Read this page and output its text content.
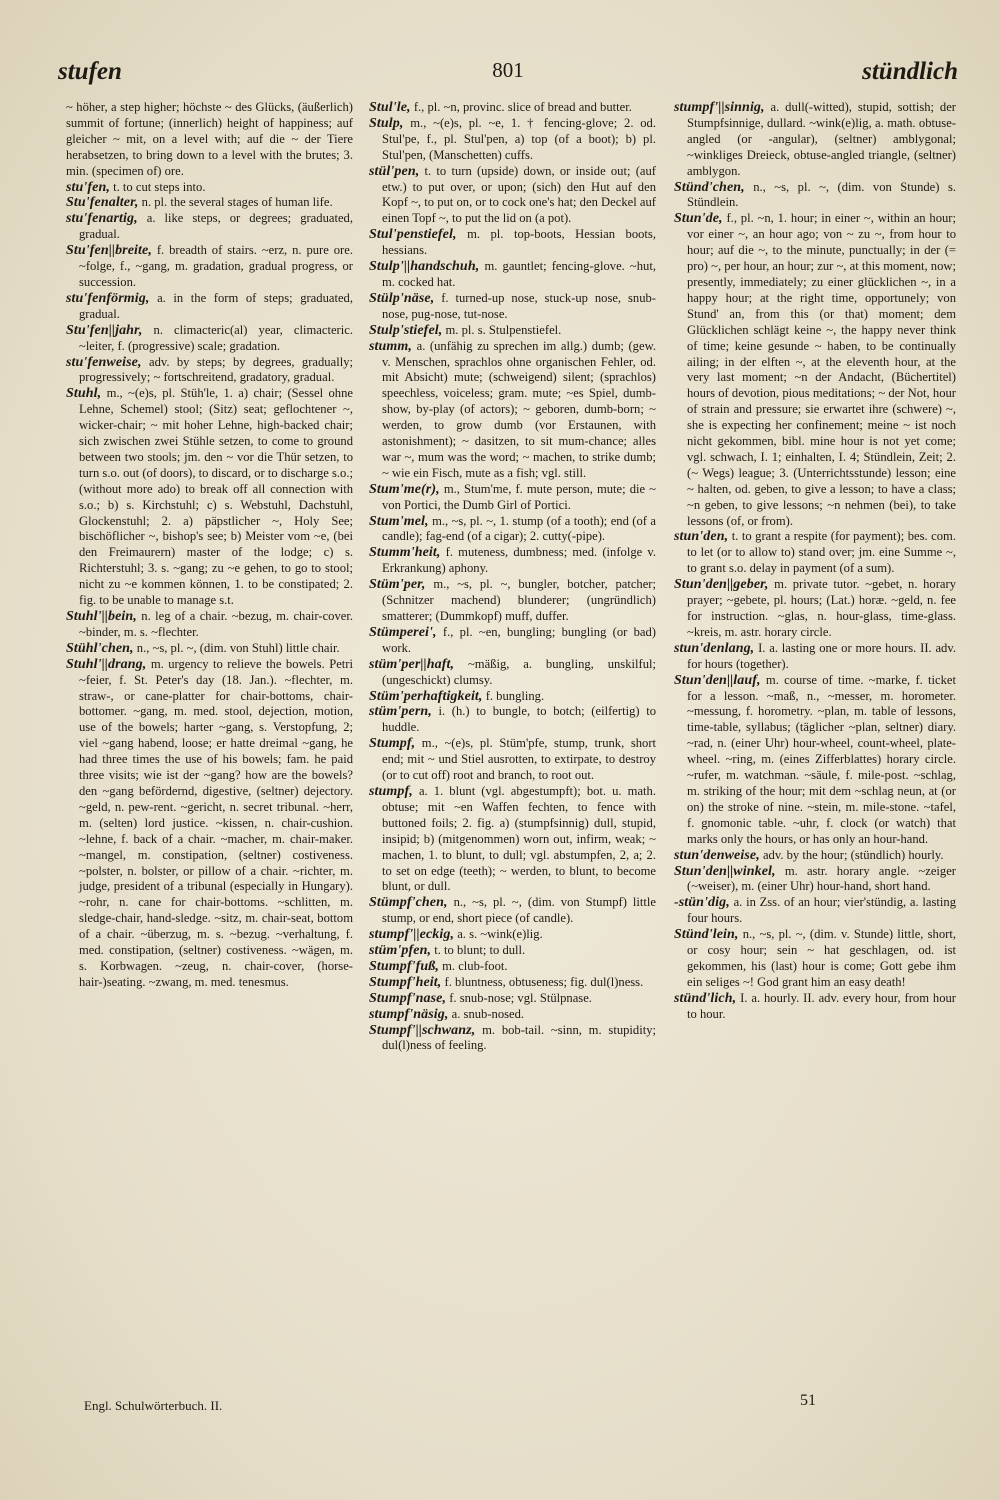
stufen	801	stündlich

~ höher, a step higher; höchste ~ des Glücks, (äußerlich) summit of fortune; (innerlich) height of happiness; auf gleicher ~ mit, on a level with; auf die ~ der Tiere herabsetzen, to bring down to a level with the brutes; 3. min. (specimen of) ore.

stu'fen, t. to cut steps into.

Stu'fenalter, n. pl. the several stages of human life.

stu'fenartig, a. like steps, or degrees; graduated, gradual.

Stu'fen||breite, f. breadth of stairs. ~erz, n. pure ore. ~folge, f., ~gang, m. gradation, gradual progress, or succession.

stu'fenförmig, a. in the form of steps; graduated, gradual.

Stu'fen||jahr, n. climacteric(al) year, climacteric. ~leiter, f. (progressive) scale; gradation.

stu'fenweise, adv. by steps; by degrees, gradually; progressively; ~ fortschreitend, gradatory, gradual.

Stuhl, m., ~(e)s, pl. Stüh'le, 1. a) chair; (Sessel ohne Lehne, Schemel) stool; (Sitz) seat; geflochtener ~, wicker-chair; ~ mit hoher Lehne, high-backed chair; sich zwischen zwei Stühle setzen, to come to ground between two stools; jm. den ~ vor die Thür setzen, to turn s.o. out (of doors), to discard, or to discharge s.o.; (without more ado) to break off all connection with s.o.; b) s. Kirchstuhl; c) s. Webstuhl, Dachstuhl, Glockenstuhl; 2. a) päpstlicher ~, Holy See; bischöflicher ~, bishop's see; b) Meister vom ~e, (bei den Freimaurern) master of the lodge; c) s. Richterstuhl; 3. s. ~gang; zu ~e gehen, to go to stool; nicht zu ~e kommen können, 1. to be constipated; 2. fig. to be unable to manage s.t.

Stuhl'||bein, n. leg of a chair. ~bezug, m. chair-cover. ~binder, m. s. ~flechter.

Stühl'chen, n., ~s, pl. ~, (dim. von Stuhl) little chair.

Stuhl'||drang, m. urgency to relieve the bowels. Petri ~feier, f. St. Peter's day (18. Jan.). ~flechter, m. straw-, or cane-platter for chair-bottoms, chair-bottomer. ~gang, m. med. stool, dejection, motion, use of the bowels; harter ~gang, s. Verstopfung, 2; viel ~gang habend, loose; er hatte dreimal ~gang, he had three times the use of his bowels; fam. he paid three visits; wie ist der ~gang? how are the bowels? den ~gang befördernd, digestive, (seltner) dejectory. ~geld, n. pew-rent. ~gericht, n. secret tribunal. ~herr, m. (selten) lord justice. ~kissen, n. chair-cushion. ~lehne, f. back of a chair. ~macher, m. chair-maker. ~mangel, m. constipation, (seltner) costiveness. ~polster, n. bolster, or pillow of a chair. ~richter, m. judge, president of a tribunal (especially in Hungary). ~rohr, n. cane for chair-bottoms. ~schlitten, m. sledge-chair, hand-sledge. ~sitz, m. chair-seat, bottom of a chair. ~überzug, m. s. ~bezug. ~verhaltung, f. med. constipation, (seltner) costiveness. ~wägen, m. s. Korbwagen. ~zeug, n. chair-cover, (horse-hair-)seating. ~zwang, m. med. tenesmus.

Stul'le, f., pl. ~n, provinc. slice of bread and butter.

Stulp, m., ~(e)s, pl. ~e, 1. † fencing-glove; 2. od. Stul'pe, f., pl. Stul'pen, a) top (of a boot); b) pl. Stul'pen, (Manschetten) cuffs.

stül'pen, t. to turn (upside) down, or inside out; (auf etw.) to put over, or upon; (sich) den Hut auf den Kopf ~, to put on, or to cock one's hat; den Deckel auf einen Topf ~, to put the lid on (a pot).

Stul'penstiefel, m. pl. top-boots, Hessian boots, hessians.

Stulp'||handschuh, m. gauntlet; fencing-glove. ~hut, m. cocked hat.

Stülp'näse, f. turned-up nose, stuck-up nose, snub-nose, pug-nose, tut-nose.

Stulp'stiefel, m. pl. s. Stulpenstiefel.

stumm, a. (unfähig zu sprechen im allg.) dumb; (gew. v. Menschen, sprachlos ohne organischen Fehler, od. mit Absicht) mute; (schweigend) silent; (sprachlos) speechless, voiceless; gram. mute; ~es Spiel, dumb-show, by-play (of actors); ~ geboren, dumb-born; ~ werden, to grow dumb (vor Erstaunen, with astonishment); ~ dasitzen, to sit mum-chance; alles war ~, mum was the word; ~ machen, to strike dumb; ~ wie ein Fisch, mute as a fish; vgl. still.

Stum'me(r), m., Stum'me, f. mute person, mute; die ~ von Portici, the Dumb Girl of Portici.

Stum'mel, m., ~s, pl. ~, 1. stump (of a tooth); end (of a candle); fag-end (of a cigar); 2. cutty(-pipe).

Stumm'heit, f. muteness, dumbness; med. (infolge v. Erkrankung) aphony.

Stüm'per, m., ~s, pl. ~, bungler, botcher, patcher; (Schnitzer machend) blunderer; (ungründlich) smatterer; (Dummkopf) muff, duffer.

Stümperei', f., pl. ~en, bungling; bungling (or bad) work.

stüm'per||haft, ~mäßig, a. bungling, unskilful; (ungeschickt) clumsy.

Stüm'perhaftigkeit, f. bungling.

stüm'pern, i. (h.) to bungle, to botch; (eilfertig) to huddle.

Stumpf, m., ~(e)s, pl. Stüm'pfe, stump, trunk, short end; mit ~ und Stiel ausrotten, to extirpate, to destroy (or to cut off) root and branch, to root out.

stumpf, a. 1. blunt (vgl. abgestumpft); bot. u. math. obtuse; mit ~en Waffen fechten, to fence with buttoned foils; 2. fig. a) (stumpfsinnig) dull, stupid, insipid; b) (mitgenommen) worn out, infirm, weak; ~ machen, 1. to blunt, to dull; vgl. abstumpfen, 2, a; 2. to set on edge (teeth); ~ werden, to blunt, to become blunt, or dull.

Stümpf'chen, n., ~s, pl. ~, (dim. von Stumpf) little stump, or end, short piece (of candle).

stumpf'||eckig, a. s. ~wink(e)lig.

stüm'pfen, t. to blunt; to dull.

Stumpf'fuß, m. club-foot.

Stumpf'heit, f. bluntness, obtuseness; fig. dul(l)ness.

Stumpf'nase, f. snub-nose; vgl. Stülpnase.

stumpf'näsig, a. snub-nosed.

Stumpf'||schwanz, m. bob-tail. ~sinn, m. stupidity; dul(l)ness of feeling.

stumpf'||sinnig, a. dull(-witted), stupid, sottish; der Stumpfsinnige, dullard. ~wink(e)lig, a. math. obtuse-angled (or -angular), (seltner) amblygonal; ~winkliges Dreieck, obtuse-angled triangle, (seltner) amblygon.

Stünd'chen, n., ~s, pl. ~, (dim. von Stunde) s. Stündlein.

Stun'de, f., pl. ~n, 1. hour; in einer ~, within an hour; vor einer ~, an hour ago; von ~ zu ~, from hour to hour; auf die ~, to the minute, punctually; in der (= pro) ~, per hour, an hour; zur ~, at this moment, now; presently, immediately; zu einer glücklichen ~, in a happy hour; at the right time, opportunely; von Stund' an, from this (or that) moment; dem Glücklichen schlägt keine ~, the happy never think of time; keine gesunde ~ haben, to be continually ailing; in der elften ~, at the eleventh hour, at the very last moment; ~n der Andacht, (Büchertitel) hours of devotion, pious meditations; ~ der Not, hour of strain and pressure; sie erwartet ihre (schwere) ~, she is expecting her confinement; meine ~ ist noch nicht gekommen, bibl. mine hour is not yet come; vgl. schwach, I. 1; einhalten, I. 4; Stündlein, Zeit; 2. (~ Wegs) league; 3. (Unterrichtsstunde) lesson; eine ~ halten, od. geben, to give a lesson; to have a class; ~n geben, to give lessons; ~n nehmen (bei), to take lessons (of, or from).

stun'den, t. to grant a respite (for payment); bes. com. to let (or to allow to) stand over; jm. eine Summe ~, to grant s.o. delay in payment (of a sum).

Stun'den||geber, m. private tutor. ~gebet, n. horary prayer; ~gebete, pl. hours; (Lat.) horæ. ~geld, n. fee for instruction. ~glas, n. hour-glass, time-glass. ~kreis, m. astr. horary circle.

stun'denlang, I. a. lasting one or more hours. II. adv. for hours (together).

Stun'den||lauf, m. course of time. ~marke, f. ticket for a lesson. ~maß, n., ~messer, m. horometer. ~messung, f. horometry. ~plan, m. table of lessons, time-table, syllabus; (täglicher ~plan, seltner) diary. ~rad, n. (einer Uhr) hour-wheel, count-wheel, plate-wheel. ~ring, m. (eines Zifferblattes) horary circle. ~rufer, m. watchman. ~säule, f. mile-post. ~schlag, m. striking of the hour; mit dem ~schlag neun, at (or on) the stroke of nine. ~stein, m. mile-stone. ~tafel, f. gnomonic table. ~uhr, f. clock (or watch) that marks only the hours, or has only an hour-hand.

stun'denweise, adv. by the hour; (stündlich) hourly.

Stun'den||winkel, m. astr. horary angle. ~zeiger (~weiser), m. (einer Uhr) hour-hand, short hand.

-stün'dig, a. in Zss. of an hour; vier'stündig, a. lasting four hours.

Stünd'lein, n., ~s, pl. ~, (dim. v. Stunde) little, short, or cosy hour; sein ~ hat geschlagen, od. ist gekommen, his (last) hour is come; Gott gebe ihm ein seliges ~! God grant him an easy death!

stünd'lich, I. a. hourly. II. adv. every hour, from hour to hour.

Engl. Schulwörterbuch. II.	51
